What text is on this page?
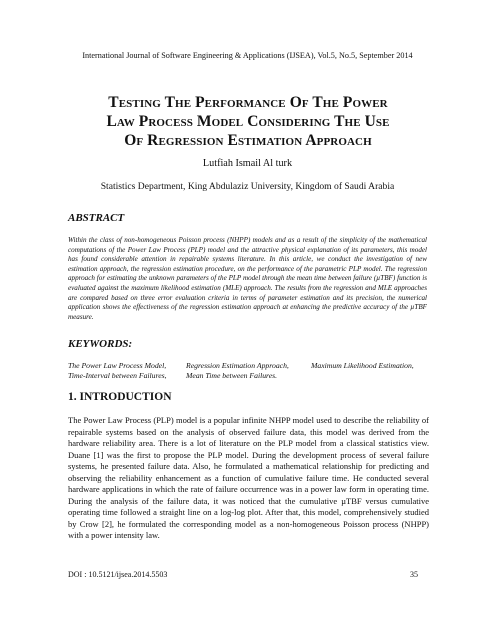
International Journal of Software Engineering & Applications (IJSEA), Vol.5, No.5, September 2014
Testing The Performance Of The Power
Law Process Model Considering The Use
Of Regression Estimation Approach
Lutfiah Ismail Al turk
Statistics Department, King Abdulaziz University, Kingdom of Saudi Arabia
ABSTRACT
Within the class of non-homogeneous Poisson process (NHPP) models and as a result of the simplicity of the mathematical computations of the Power Law Process (PLP) model and the attractive physical explanation of its parameters, this model has found considerable attention in repairable systems literature. In this article, we conduct the investigation of new estimation approach, the regression estimation procedure, on the performance of the parametric PLP model. The regression approach for estimating the unknown parameters of the PLP model through the mean time between failure (µTBF) function is evaluated against the maximum likelihood estimation (MLE) approach. The results from the regression and MLE approaches are compared based on three error evaluation criteria in terms of parameter estimation and its precision, the numerical application shows the effectiveness of the regression estimation approach at enhancing the predictive accuracy of the µTBF measure.
KEYWORDS:
The Power Law Process Model,	Regression Estimation Approach,	Maximum Likelihood Estimation,
Time-Interval between Failures,	Mean Time between Failures.
1. INTRODUCTION
The Power Law Process (PLP) model is a popular infinite NHPP model used to describe the reliability of repairable systems based on the analysis of observed failure data, this model was derived from the hardware reliability area. There is a lot of literature on the PLP model from a classical statistics view. Duane [1] was the first to propose the PLP model. During the development process of several failure systems, he presented failure data. Also, he formulated a mathematical relationship for predicting and observing the reliability enhancement as a function of cumulative failure time. He conducted several hardware applications in which the rate of failure occurrence was in a power law form in operating time. During the analysis of the failure data, it was noticed that the cumulative µTBF versus cumulative operating time followed a straight line on a log-log plot. After that, this model, comprehensively studied by Crow [2], he formulated the corresponding model as a non-homogeneous Poisson process (NHPP) with a power intensity law.
DOI : 10.5121/ijsea.2014.5503	35
